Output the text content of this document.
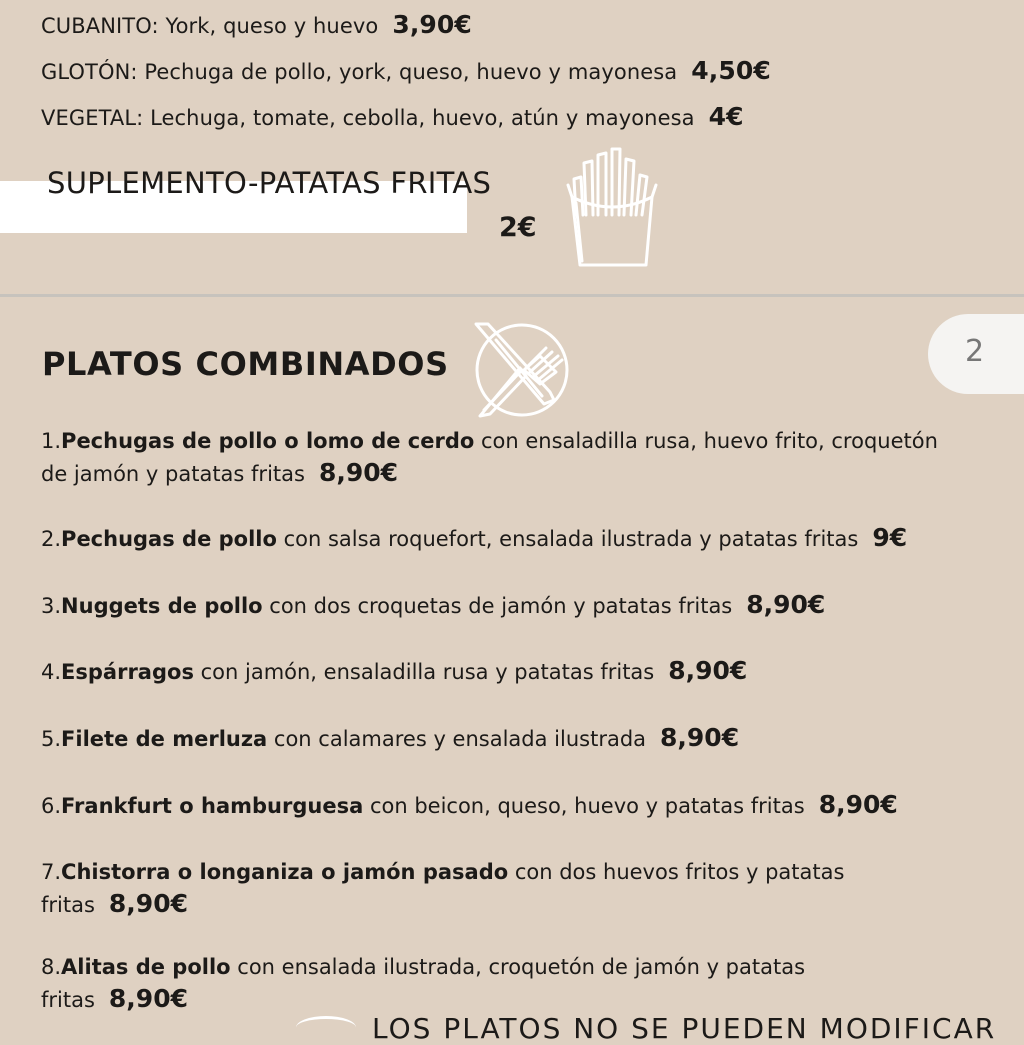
CUBANITO: York, queso y huevo 3,90€
GLOTÓN: Pechuga de pollo, york, queso, huevo y mayonesa 4,50€
VEGETAL: Lechuga, tomate, cebolla, huevo, atún y mayonesa 4€
SUPLEMENTO-PATATAS FRITAS
2€
2
PLATOS COMBINADOS
1.Pechugas de pollo o lomo de cerdo con ensaladilla rusa, huevo frito, croquetón de jamón y patatas fritas 8,90€
2.Pechugas de pollo con salsa roquefort, ensalada ilustrada y patatas fritas 9€
3.Nuggets de pollo con dos croquetas de jamón y patatas fritas 8,90€
4.Espárragos con jamón, ensaladilla rusa y patatas fritas 8,90€
5.Filete de merluza con calamares y ensalada ilustrada 8,90€
6.Frankfurt o hamburguesa con beicon, queso, huevo y patatas fritas 8,90€
7.Chistorra o longaniza o jamón pasado con dos huevos fritos y patatas fritas 8,90€
8.Alitas de pollo con ensalada ilustrada, croquetón de jamón y patatas fritas 8,90€
LOS PLATOS NO SE PUEDEN MODIFICAR
